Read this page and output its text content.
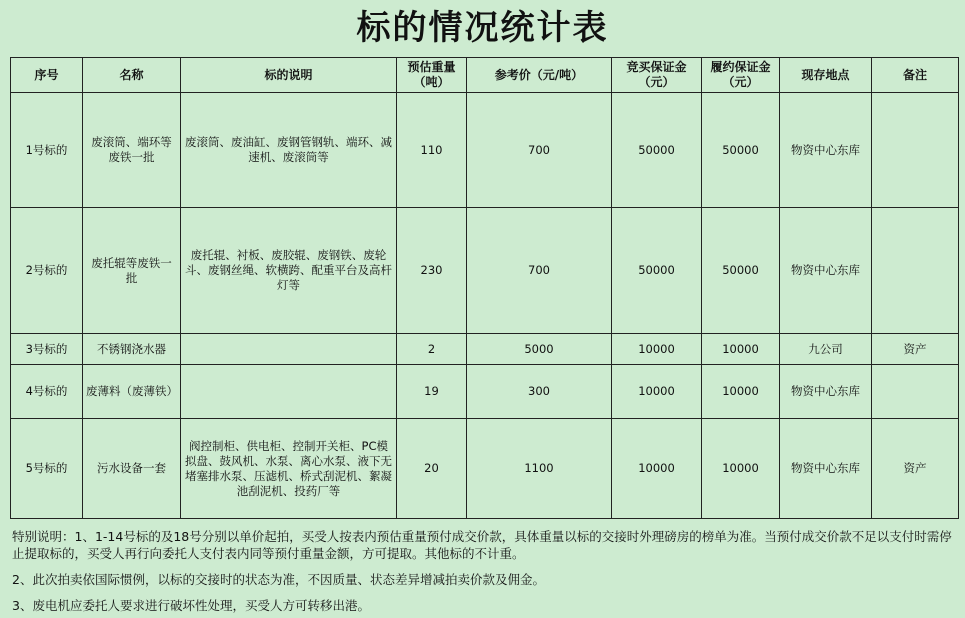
标的情况统计表
序号	名称	标的说明	预估重量（吨）	参考价（元/吨）	竞买保证金（元）	履约保证金（元）	现存地点	备注
1号标的	废滚筒、端环等废铁一批	废滚筒、废油缸、废钢管钢轨、端环、减速机、废滚筒等	110	700	50000	50000	物资中心东库	
2号标的	废托辊等废铁一批	废托辊、衬板、废胶辊、废钢铁、废轮斗、废钢丝绳、软横跨、配重平台及高杆灯等	230	700	50000	50000	物资中心东库	
3号标的	不锈钢浇水器		2	5000	10000	10000	九公司	资产
4号标的	废薄料（废薄铁）		19	300	10000	10000	物资中心东库	
5号标的	污水设备一套	阀控制柜、供电柜、控制开关柜、PC模拟盘、鼓风机、水泵、离心水泵、液下无堵塞排水泵、压滤机、桥式刮泥机、絮凝池刮泥机、投药厂等	20	1100	10000	10000	物资中心东库	资产

特别说明：1、1-14号标的及18号分别以单价起拍，买受人按表内预估重量预付成交价款，具体重量以标的交接时外理磅房的榜单为准。当预付成交价款不足以支付时需停止提取标的，买受人再行向委托人支付表内同等预付重量金额，方可提取。其他标的不计重。

2、此次拍卖依国际惯例，以标的交接时的状态为准，不因质量、状态差异增减拍卖价款及佣金。

3、废电机应委托人要求进行破坏性处理，买受人方可转移出港。
